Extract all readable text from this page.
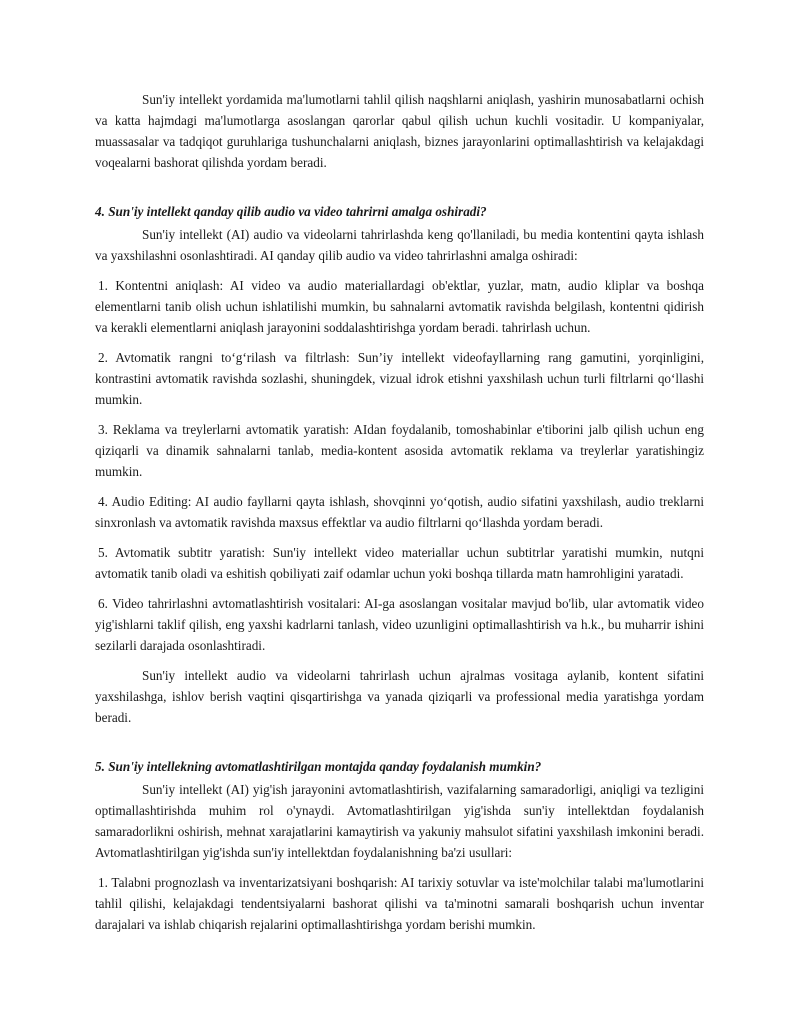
Sun'iy intellekt yordamida ma'lumotlarni tahlil qilish naqshlarni aniqlash, yashirin munosabatlarni ochish va katta hajmdagi ma'lumotlarga asoslangan qarorlar qabul qilish uchun kuchli vositadir. U kompaniyalar, muassasalar va tadqiqot guruhlariga tushunchalarni aniqlash, biznes jarayonlarini optimallashtirish va kelajakdagi voqealarni bashorat qilishda yordam beradi.

4. Sun'iy intellekt qanday qilib audio va video tahrirni amalga oshiradi?

Sun'iy intellekt (AI) audio va videolarni tahrirlashda keng qo'llaniladi, bu media kontentini qayta ishlash va yaxshilashni osonlashtiradi. AI qanday qilib audio va video tahrirlashni amalga oshiradi:

1. Kontentni aniqlash: AI video va audio materiallardagi ob'ektlar, yuzlar, matn, audio kliplar va boshqa elementlarni tanib olish uchun ishlatilishi mumkin, bu sahnalarni avtomatik ravishda belgilash, kontentni qidirish va kerakli elementlarni aniqlash jarayonini soddalashtirishga yordam beradi. tahrirlash uchun.

2. Avtomatik rangni to‘g‘rilash va filtrlash: Sun’iy intellekt videofayllarning rang gamutini, yorqinligini, kontrastini avtomatik ravishda sozlashi, shuningdek, vizual idrok etishni yaxshilash uchun turli filtrlarni qo‘llashi mumkin.

3. Reklama va treylerlarni avtomatik yaratish: AIdan foydalanib, tomoshabinlar e'tiborini jalb qilish uchun eng qiziqarli va dinamik sahnalarni tanlab, media-kontent asosida avtomatik reklama va treylerlar yaratishingiz mumkin.

4. Audio Editing: AI audio fayllarni qayta ishlash, shovqinni yo‘qotish, audio sifatini yaxshilash, audio treklarni sinxronlash va avtomatik ravishda maxsus effektlar va audio filtrlarni qo‘llashda yordam beradi.

5. Avtomatik subtitr yaratish: Sun'iy intellekt video materiallar uchun subtitrlar yaratishi mumkin, nutqni avtomatik tanib oladi va eshitish qobiliyati zaif odamlar uchun yoki boshqa tillarda matn hamrohligini yaratadi.

6. Video tahrirlashni avtomatlashtirish vositalari: AI-ga asoslangan vositalar mavjud bo'lib, ular avtomatik video yig'ishlarni taklif qilish, eng yaxshi kadrlarni tanlash, video uzunligini optimallashtirish va h.k., bu muharrir ishini sezilarli darajada osonlashtiradi.

Sun'iy intellekt audio va videolarni tahrirlash uchun ajralmas vositaga aylanib, kontent sifatini yaxshilashga, ishlov berish vaqtini qisqartirishga va yanada qiziqarli va professional media yaratishga yordam beradi.

5. Sun'iy intellekning avtomatlashtirilgan montajda qanday foydalanish mumkin?

Sun'iy intellekt (AI) yig'ish jarayonini avtomatlashtirish, vazifalarning samaradorligi, aniqligi va tezligini optimallashtirishda muhim rol o'ynaydi. Avtomatlashtirilgan yig'ishda sun'iy intellektdan foydalanish samaradorlikni oshirish, mehnat xarajatlarini kamaytirish va yakuniy mahsulot sifatini yaxshilash imkonini beradi. Avtomatlashtirilgan yig'ishda sun'iy intellektdan foydalanishning ba'zi usullari:

1. Talabni prognozlash va inventarizatsiyani boshqarish: AI tarixiy sotuvlar va iste'molchilar talabi ma'lumotlarini tahlil qilishi, kelajakdagi tendentsiyalarni bashorat qilishi va ta'minotni samarali boshqarish uchun inventar darajalari va ishlab chiqarish rejalarini optimallashtirishga yordam berishi mumkin.
